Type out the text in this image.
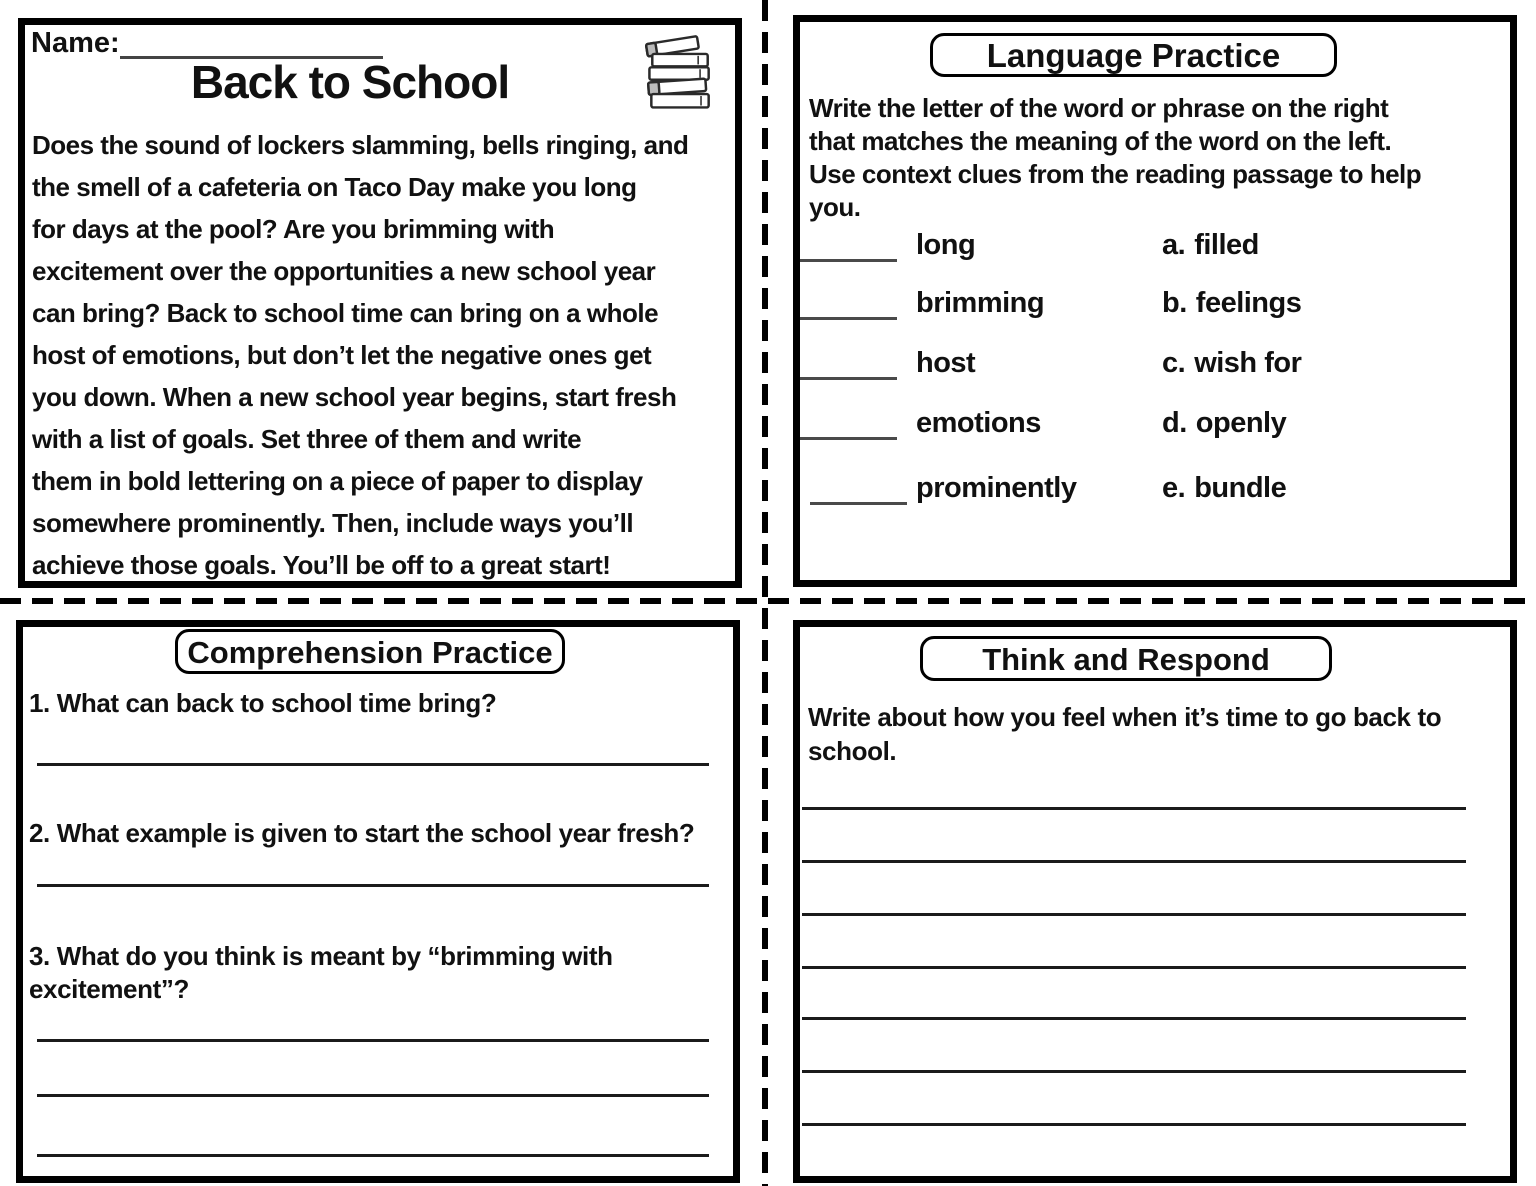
Name:
Back to School
Does the sound of lockers slamming, bells ringing, and
the smell of a cafeteria on Taco Day make you long
for days at the pool? Are you brimming with
excitement over the opportunities a new school year
can bring? Back to school time can bring on a whole
host of emotions, but don’t let the negative ones get
you down. When a new school year begins, start fresh
with a list of goals. Set three of them and write
them in bold lettering on a piece of paper to display
somewhere prominently. Then, include ways you’ll
achieve those goals. You’ll be off to a great start!
Language Practice
Write the letter of the word or phrase on the right
that matches the meaning of the word on the left.
Use context clues from the reading passage to help
you.
long	a. filled
brimming	b. feelings
host	c. wish for
emotions	d. openly
prominently	e. bundle
Comprehension Practice
1. What can back to school time bring?
2. What example is given to start the school year fresh?
3. What do you think is meant by “brimming with
excitement”?
Think and Respond
Write about how you feel when it’s time to go back to
school.
